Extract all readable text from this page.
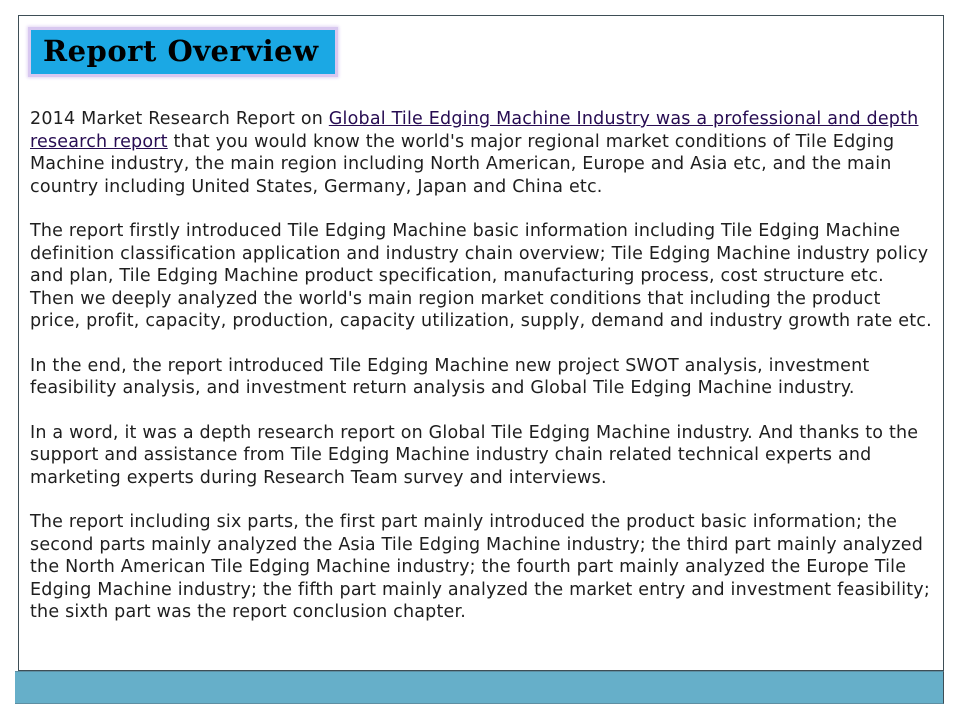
Report Overview

2014 Market Research Report on Global Tile Edging Machine Industry was a professional and depth research report that you would know the world's major regional market conditions of Tile Edging Machine industry, the main region including North American, Europe and Asia etc, and the main country including United States, Germany, Japan and China etc.

The report firstly introduced Tile Edging Machine basic information including Tile Edging Machine definition classification application and industry chain overview; Tile Edging Machine industry policy and plan, Tile Edging Machine product specification, manufacturing process, cost structure etc. Then we deeply analyzed the world's main region market conditions that including the product price, profit, capacity, production, capacity utilization, supply, demand and industry growth rate etc.

In the end, the report introduced Tile Edging Machine new project SWOT analysis, investment feasibility analysis, and investment return analysis and Global Tile Edging Machine industry.

In a word, it was a depth research report on Global Tile Edging Machine industry. And thanks to the support and assistance from Tile Edging Machine industry chain related technical experts and marketing experts during Research Team survey and interviews.

The report including six parts, the first part mainly introduced the product basic information; the second parts mainly analyzed the Asia Tile Edging Machine industry; the third part mainly analyzed the North American Tile Edging Machine industry; the fourth part mainly analyzed the Europe Tile Edging Machine industry; the fifth part mainly analyzed the market entry and investment feasibility; the sixth part was the report conclusion chapter.
